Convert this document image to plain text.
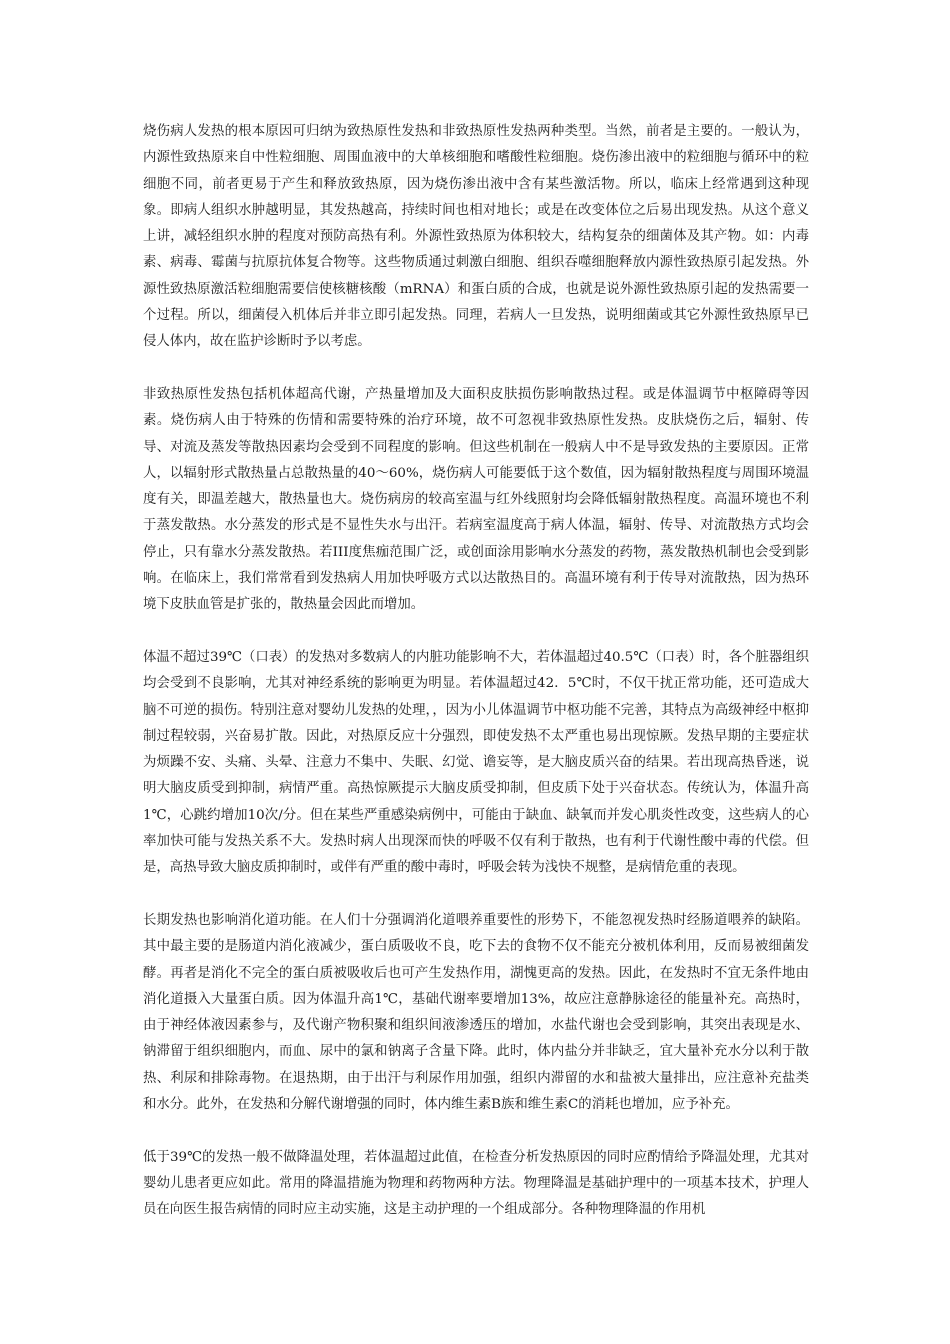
烧伤病人发热的根本原因可归纳为致热原性发热和非致热原性发热两种类型。当然，前者是主要的。一般认为，内源性致热原来自中性粒细胞、周围血液中的大单核细胞和嗜酸性粒细胞。烧伤渗出液中的粒细胞与循环中的粒细胞不同，前者更易于产生和释放致热原，因为烧伤渗出液中含有某些激活物。所以，临床上经常遇到这种现象。即病人组织水肿越明显，其发热越高，持续时间也相对地长；或是在改变体位之后易出现发热。从这个意义上讲，减轻组织水肿的程度对预防高热有利。外源性致热原为体积较大，结构复杂的细菌体及其产物。如：内毒素、病毒、霉菌与抗原抗体复合物等。这些物质通过刺激白细胞、组织吞噬细胞释放内源性致热原引起发热。外源性致热原激活粒细胞需要信使核糖核酸（mRNA）和蛋白质的合成，也就是说外源性致热原引起的发热需要一个过程。所以，细菌侵入机体后并非立即引起发热。同理，若病人一旦发热，说明细菌或其它外源性致热原早已侵人体内，故在监护诊断时予以考虑。

非致热原性发热包括机体超高代谢，产热量增加及大面积皮肤损伤影响散热过程。或是体温调节中枢障碍等因素。烧伤病人由于特殊的伤情和需要特殊的治疗环境，故不可忽视非致热原性发热。皮肤烧伤之后，辐射、传导、对流及蒸发等散热因素均会受到不同程度的影响。但这些机制在一般病人中不是导致发热的主要原因。正常人，以辐射形式散热量占总散热量的40～60%，烧伤病人可能要低于这个数值，因为辐射散热程度与周围环境温度有关，即温差越大，散热量也大。烧伤病房的较高室温与红外线照射均会降低辐射散热程度。高温环境也不利于蒸发散热。水分蒸发的形式是不显性失水与出汗。若病室温度高于病人体温，辐射、传导、对流散热方式均会停止，只有靠水分蒸发散热。若III度焦痂范围广泛，或创面涂用影响水分蒸发的药物，蒸发散热机制也会受到影响。在临床上，我们常常看到发热病人用加快呼吸方式以达散热目的。高温环境有利于传导对流散热，因为热环境下皮肤血管是扩张的，散热量会因此而增加。

体温不超过39℃（口表）的发热对多数病人的内脏功能影响不大，若体温超过40.5℃（口表）时，各个脏器组织均会受到不良影响，尤其对神经系统的影响更为明显。若体温超过42．5℃时，不仅干扰正常功能，还可造成大脑不可逆的损伤。特别注意对婴幼儿发热的处理，，因为小儿体温调节中枢功能不完善，其特点为高级神经中枢抑制过程较弱，兴奋易扩散。因此，对热原反应十分强烈，即使发热不太严重也易出现惊厥。发热早期的主要症状为烦躁不安、头痛、头晕、注意力不集中、失眠、幻觉、谵妄等，是大脑皮质兴奋的结果。若出现高热昏迷，说明大脑皮质受到抑制，病情严重。高热惊厥提示大脑皮质受抑制，但皮质下处于兴奋状态。传统认为，体温升高1℃，心跳约增加10次/分。但在某些严重感染病例中，可能由于缺血、缺氧而并发心肌炎性改变，这些病人的心率加快可能与发热关系不大。发热时病人出现深而快的呼吸不仅有利于散热，也有利于代谢性酸中毒的代偿。但是，高热导致大脑皮质抑制时，或伴有严重的酸中毒时，呼吸会转为浅快不规整，是病情危重的表现。

长期发热也影响消化道功能。在人们十分强调消化道喂养重要性的形势下，不能忽视发热时经肠道喂养的缺陷。其中最主要的是肠道内消化液减少，蛋白质吸收不良，吃下去的食物不仅不能充分被机体利用，反而易被细菌发酵。再者是消化不完全的蛋白质被吸收后也可产生发热作用，湖愧更高的发热。因此，在发热时不宜无条件地由消化道摄入大量蛋白质。因为体温升高1℃，基础代谢率要增加13%，故应注意静脉途径的能量补充。高热时，由于神经体液因素参与，及代谢产物积聚和组织间液渗透压的增加，水盐代谢也会受到影响，其突出表现是水、钠滞留于组织细胞内，而血、尿中的氯和钠离子含量下降。此时，体内盐分并非缺乏，宜大量补充水分以利于散热、利尿和排除毒物。在退热期，由于出汗与利尿作用加强，组织内滞留的水和盐被大量排出，应注意补充盐类和水分。此外，在发热和分解代谢增强的同时，体内维生素B族和维生素C的消耗也增加，应予补充。

低于39℃的发热一般不做降温处理，若体温超过此值，在检查分析发热原因的同时应酌情给予降温处理，尤其对婴幼儿患者更应如此。常用的降温措施为物理和药物两种方法。物理降温是基础护理中的一项基本技术，护理人员在向医生报告病情的同时应主动实施，这是主动护理的一个组成部分。各种物理降温的作用机
